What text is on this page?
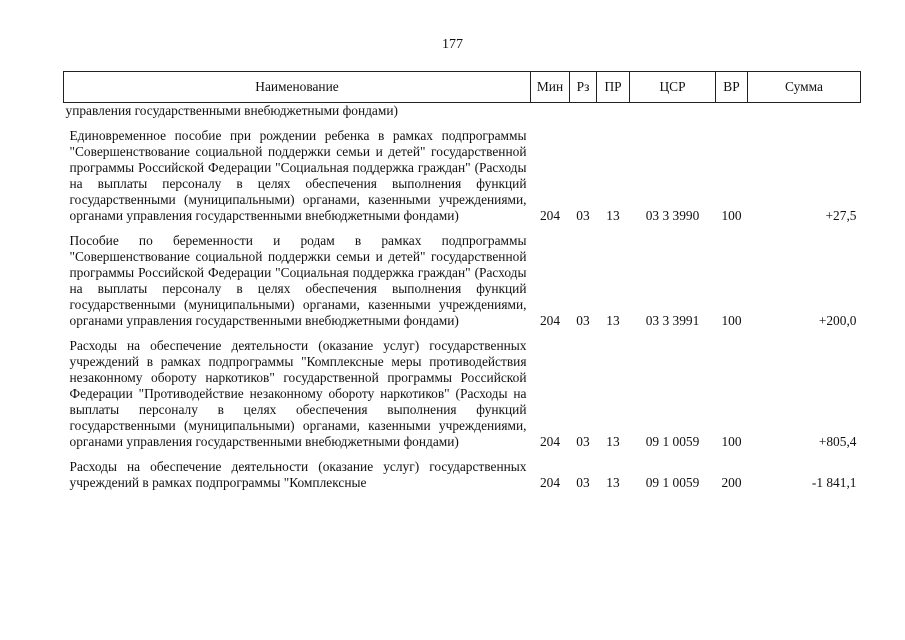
177
Наименование	Мин	Рз	ПР	ЦСР	ВР	Сумма
управления государственными внебюджетными фондами)						

Единовременное пособие при рождении ребенка в рамках подпрограммы "Совершенствование социальной поддержки семьи и детей" государственной программы Российской Федерации "Социальная поддержка граждан" (Расходы на выплаты персоналу в целях обеспечения выполнения функций государственными (муниципальными) органами, казенными учреждениями, органами управления государственными внебюджетными фондами)	204	03	13	03 3 3990	100	+27,5

Пособие по беременности и родам в рамках подпрограммы "Совершенствование социальной поддержки семьи и детей" государственной программы Российской Федерации "Социальная поддержка граждан" (Расходы на выплаты персоналу в целях обеспечения выполнения функций государственными (муниципальными) органами, казенными учреждениями, органами управления государственными внебюджетными фондами)	204	03	13	03 3 3991	100	+200,0

Расходы на обеспечение деятельности (оказание услуг) государственных учреждений в рамках подпрограммы "Комплексные меры противодействия незаконному обороту наркотиков" государственной программы Российской Федерации "Противодействие незаконному обороту наркотиков" (Расходы на выплаты персоналу в целях обеспечения выполнения функций государственными (муниципальными) органами, казенными учреждениями, органами управления государственными внебюджетными фондами)	204	03	13	09 1 0059	100	+805,4

Расходы на обеспечение деятельности (оказание услуг) государственных учреждений в рамках подпрограммы "Комплексные	204	03	13	09 1 0059	200	-1 841,1
